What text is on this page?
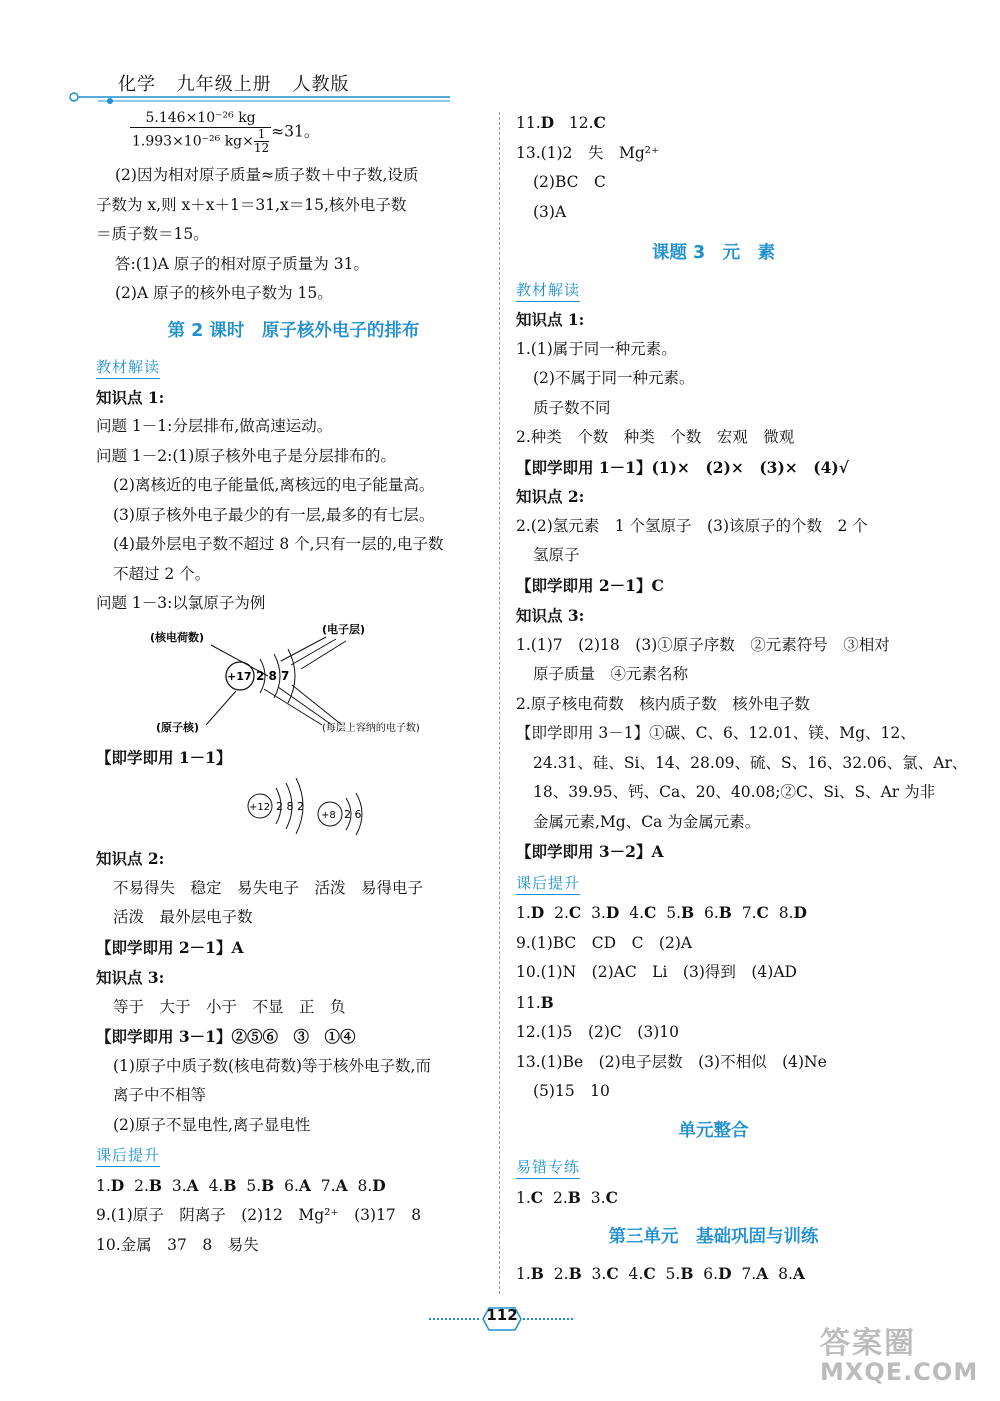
化学 九年级上册 人教版
$\frac{\text{5.146×10⁻²⁶ kg}}{1.993\times 10^{-26} kg\times \frac{1}{12}} \approx 31$。
(2)因为相对原子质量≈质子数＋中子数,设质
子数为 x,则 x＋x＋1＝31,x＝15,核外电子数
＝质子数＝15。
答:(1)A 原子的相对原子质量为 31。
(2)A 原子的核外电子数为 15。
第 2 课时　原子核外电子的排布
教材解读
知识点 1:
问题 1－1:分层排布,做高速运动。
问题 1－2:(1)原子核外电子是分层排布的。
(2)离核近的电子能量低,离核远的电子能量高。
(3)原子核外电子最少的有一层,最多的有七层。
(4)最外层电子数不超过 8 个,只有一层的,电子数
不超过 2 个。
问题 1－3:以氯原子为例
(核电荷数)
(电子层)
+17 2 8 7
(原子核)	(每层上容纳的电子数)
【即学即用 1－1】
+12 2 8 2
+8 2 6
知识点 2:
不易得失　稳定　易失电子　活泼　易得电子
活泼　最外层电子数
【即学即用 2－1】A
知识点 3:
等于　大于　小于　不显　正　负
【即学即用 3－1】②⑤⑥　③　①④
(1)原子中质子数(核电荷数)等于核外电子数,而
离子中不相等
(2)原子不显电性,离子显电性
课后提升
1.D 2.B 3.A 4.B 5.B 6.A 7.A 8.D
9.(1)原子　阴离子　(2)12　Mg²⁺　(3)17　8
10.金属　37　8　易失
11.D 12.C
13.(1)2　失　Mg²⁺
(2)BC　C
(3)A
课题 3　元　素
教材解读
知识点 1:
1.(1)属于同一种元素。
(2)不属于同一种元素。
质子数不同
2.种类　个数　种类　个数　宏观　微观
【即学即用 1－1】(1)×　(2)×　(3)×　(4)√
知识点 2:
2.(2)氢元素　1 个氢原子　(3)该原子的个数　2 个
氢原子
【即学即用 2－1】C
知识点 3:
1.(1)7　(2)18　(3)①原子序数　②元素符号　③相对
原子质量　④元素名称
2.原子核电荷数　核内质子数　核外电子数
【即学即用 3－1】①碳、C、6、12.01、镁、Mg、12、
24.31、硅、Si、14、28.09、硫、S、16、32.06、氯、Ar、
18、39.95、钙、Ca、20、40.08;②C、Si、S、Ar 为非
金属元素,Mg、Ca 为金属元素。
【即学即用 3－2】A
课后提升
1.D 2.C 3.D 4.C 5.B 6.B 7.C 8.D
9.(1)BC　CD　C　(2)A
10.(1)N　(2)AC　Li　(3)得到　(4)AD
11.B
12.(1)5　(2)C　(3)10
13.(1)Be　(2)电子层数　(3)不相似　(4)Ne
(5)15　10
单元整合
易错专练
1.C 2.B 3.C
第三单元　基础巩固与训练
1.B 2.B 3.C 4.C 5.B 6.D 7.A 8.A
112
答案圈
MXQE.COM
